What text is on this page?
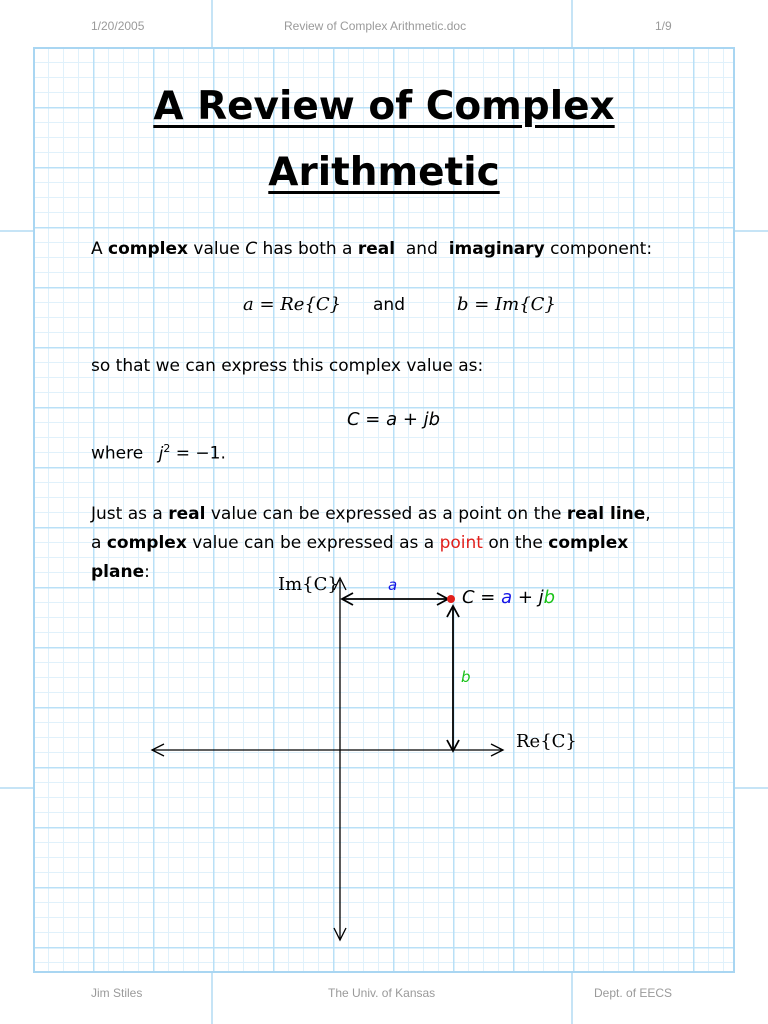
1/20/2005	Review of Complex Arithmetic.doc	1/9
A Review of Complex
Arithmetic
A complex value C has both a real  and  imaginary component:
a = Re{C} and	b = Im{C}
so that we can express this complex value as:
C = a + jb
where $j^2 = -1$.
Just as a real value can be expressed as a point on the real line,
a complex value can be expressed as a point on the complex
plane:
Im{C}
Re{C}
a
b
C = a + jb
Jim Stiles	The Univ. of Kansas	Dept. of EECS
